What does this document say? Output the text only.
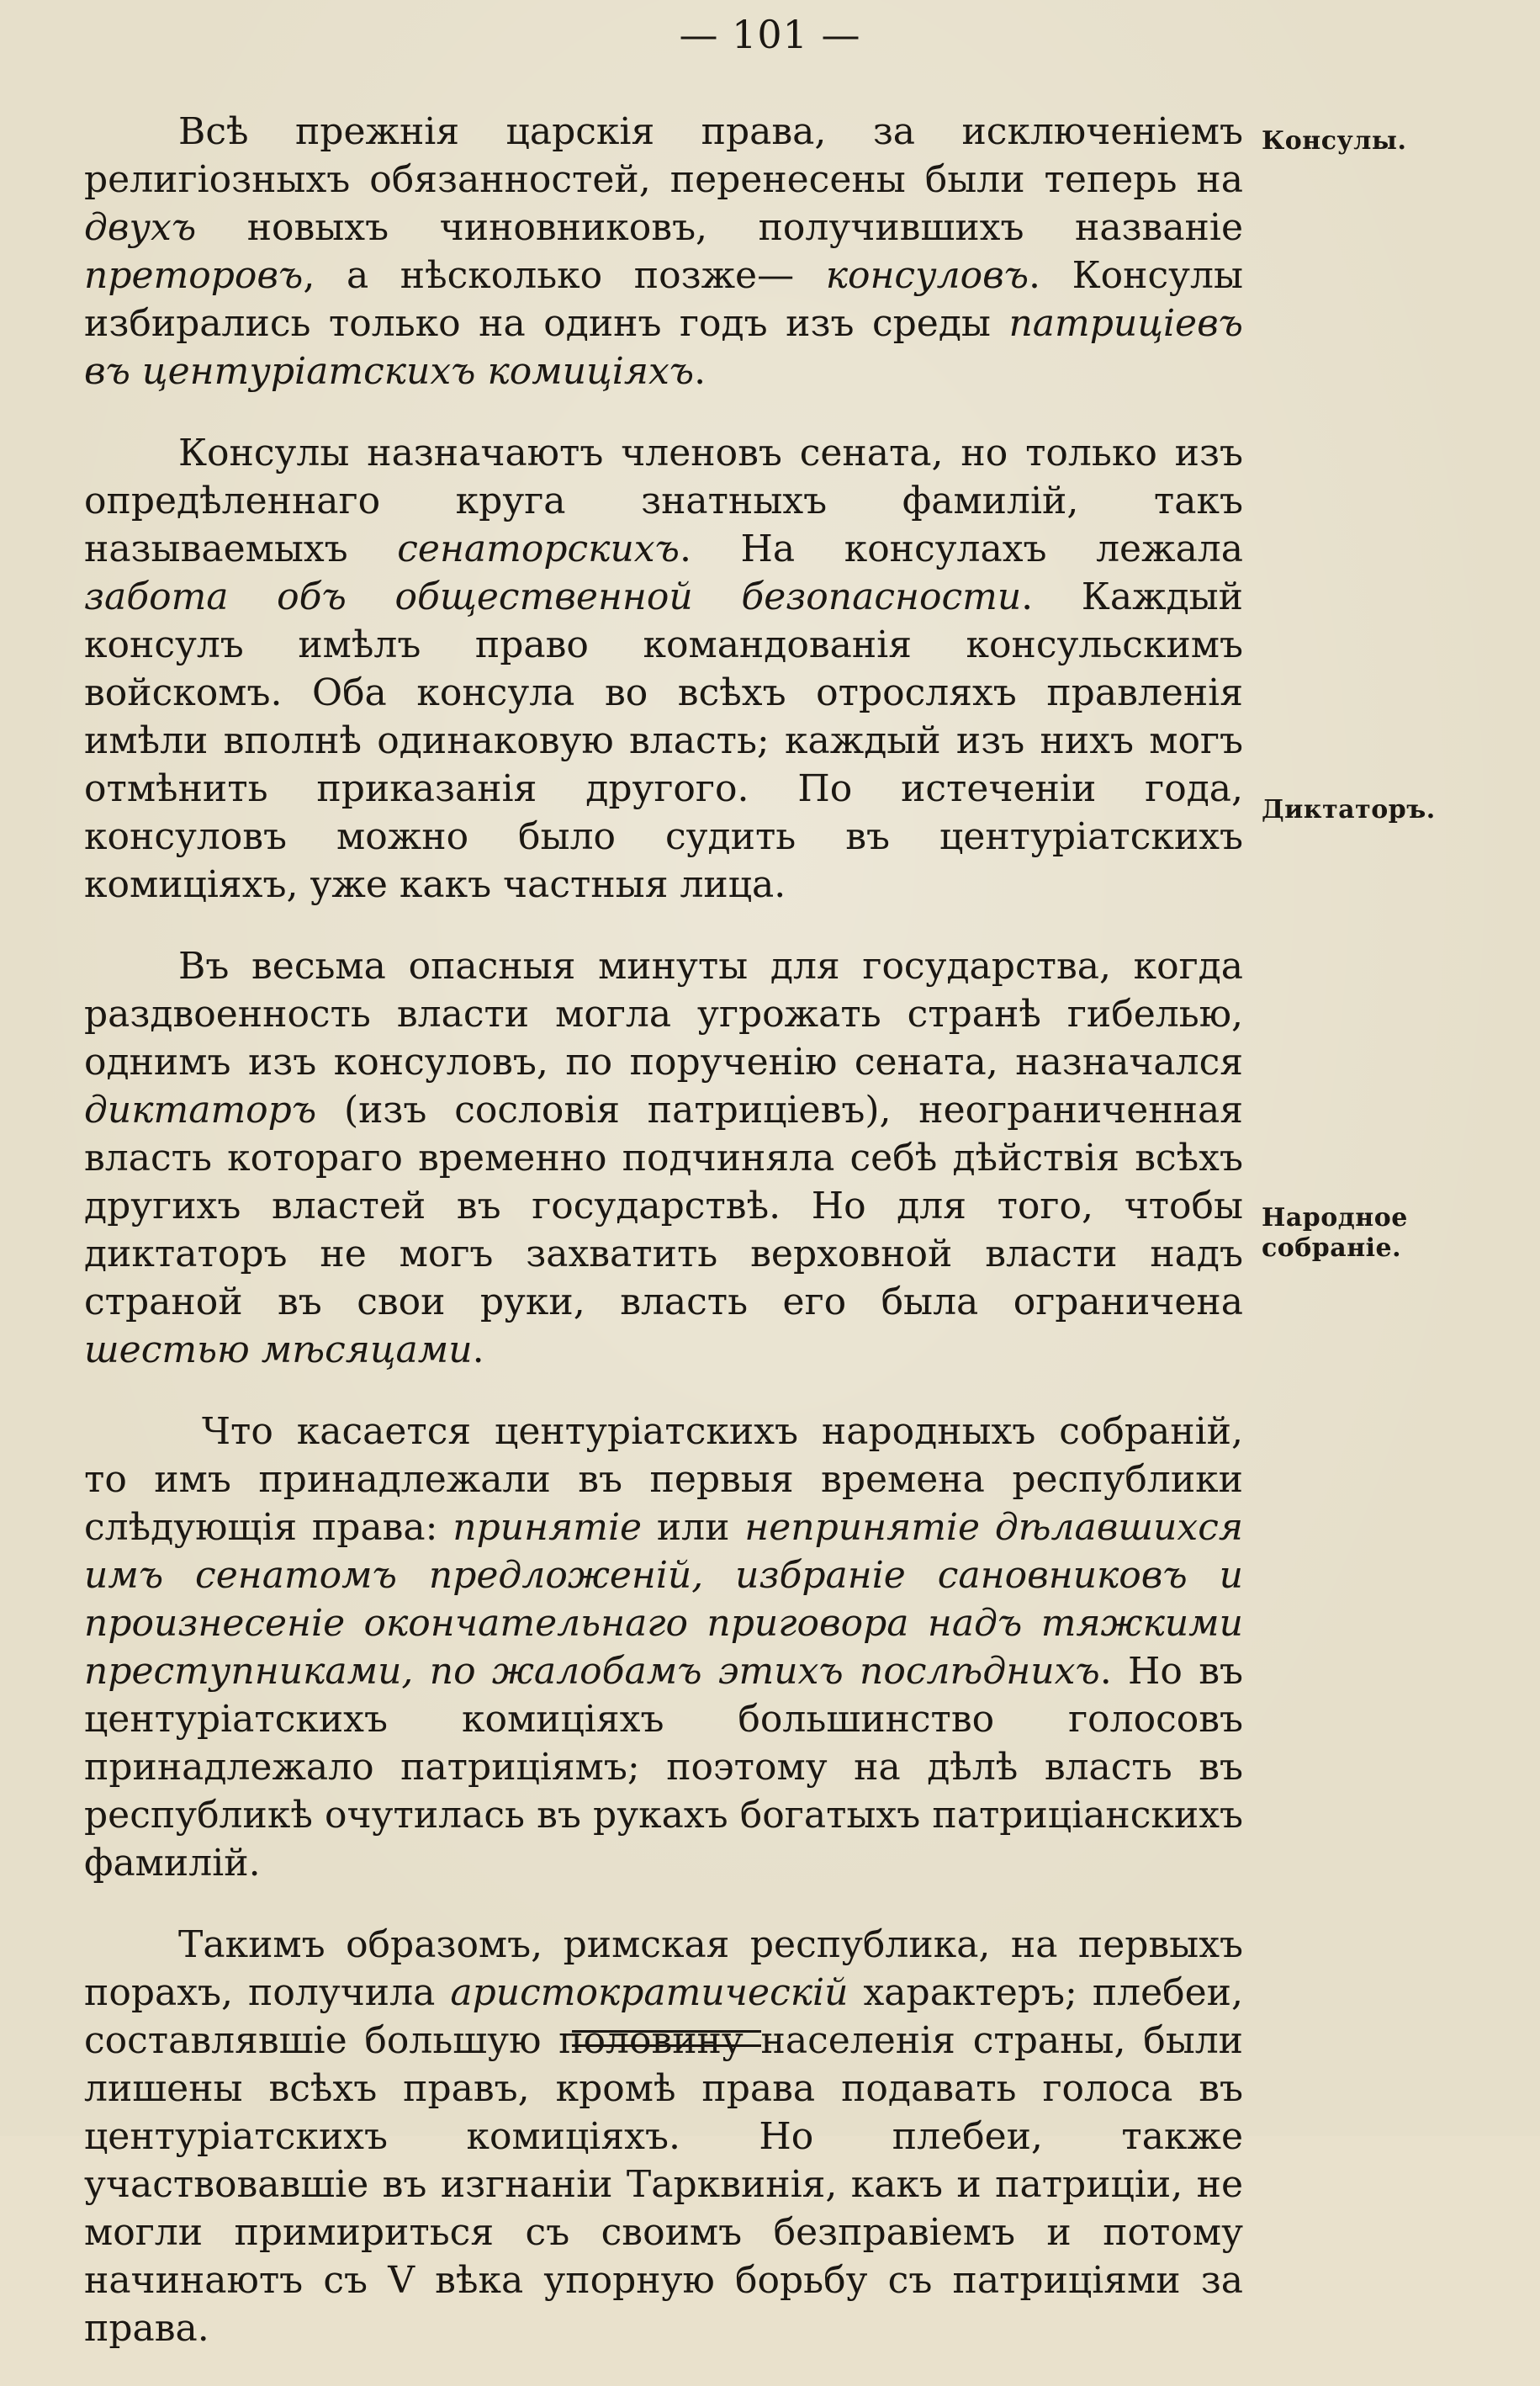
— 101 —
Консулы.
Диктаторъ.
Народное
собраніе.

Всѣ прежнія царскія права, за исключеніемъ религіозныхъ обязанностей, перенесены были теперь на двухъ новыхъ чиновниковъ, получившихъ названіе преторовъ, а нѣсколько позже— консуловъ. Консулы избирались только на одинъ годъ изъ среды патриціевъ въ центуріатскихъ комиціяхъ.

Консулы назначаютъ членовъ сената, но только изъ опредѣленнаго круга знатныхъ фамилій, такъ называемыхъ сенаторскихъ. На консулахъ лежала забота объ общественной безопасности. Каждый консулъ имѣлъ право командованія консульскимъ войскомъ. Оба консула во всѣхъ отросляхъ правленія имѣли вполнѣ одинаковую власть; каждый изъ нихъ могъ отмѣнить приказанія другого. По истеченіи года, консуловъ можно было судить въ центуріатскихъ комиціяхъ, уже какъ частныя лица.

Въ весьма опасныя минуты для государства, когда раздвоенность власти могла угрожать странѣ гибелью, однимъ изъ консуловъ, по порученію сената, назначался диктаторъ (изъ сословія патриціевъ), неограниченная власть котораго временно подчиняла себѣ дѣйствія всѣхъ другихъ властей въ государствѣ. Но для того, чтобы диктаторъ не могъ захватить верховной власти надъ страной въ свои руки, власть его была ограничена шестью мѣсяцами.

Что касается центуріатскихъ народныхъ собраній, то имъ принадлежали въ первыя времена республики слѣдующія права: принятіе или непринятіе дѣлавшихся имъ сенатомъ предложеній, избраніе сановниковъ и произнесеніе окончательнаго приговора надъ тяжкими преступниками, по жалобамъ этихъ послѣднихъ. Но въ центуріатскихъ комиціяхъ большинство голосовъ принадлежало патриціямъ; поэтому на дѣлѣ власть въ республикѣ очутилась въ рукахъ богатыхъ патриціанскихъ фамилій.

Такимъ образомъ, римская республика, на первыхъ порахъ, получила аристократическій характеръ; плебеи, составлявшіе большую половину населенія страны, были лишены всѣхъ правъ, кромѣ права подавать голоса въ центуріатскихъ комиціяхъ. Но плебеи, также участвовавшіе въ изгнаніи Тарквинія, какъ и патриціи, не могли примириться съ своимъ безправіемъ и потому начинаютъ съ V вѣка упорную борьбу съ патриціями за права.
